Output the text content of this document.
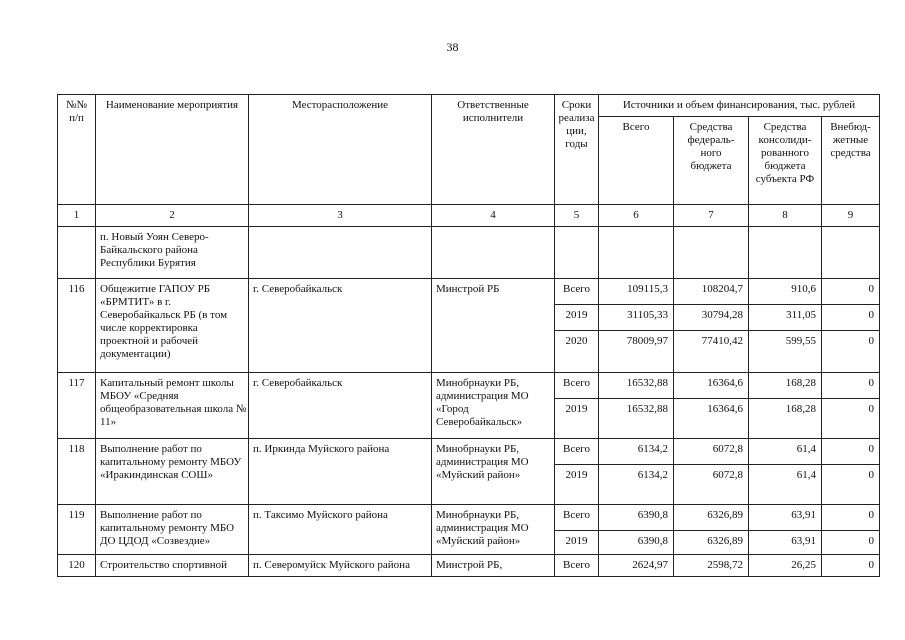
38
№№ п/п	Наименование мероприятия	Месторасположение	Ответственные исполнители	Сроки реализа ции, годы	Источники и объем финансирования, тыс. рублей			
					Всего	Средства федераль- ного бюджета	Средства консолиди- рованного бюджета субъекта РФ	Внебюд- жетные средства
1	2	3	4	5	6	7	8	9
	п. Новый Уоян Северо-Байкальского района Республики Бурятия							
116	Общежитие ГАПОУ РБ «БРМТИТ» в г. Северобайкальск РБ (в том числе корректировка проектной и рабочей документации)	г. Северобайкальск	Минстрой РБ	Всего	109115,3	108204,7	910,6	0
				2019	31105,33	30794,28	311,05	0
				2020	78009,97	77410,42	599,55	0
117	Капитальный ремонт школы МБОУ «Средняя общеобразовательная школа № 11»	г. Северобайкальск	Минобрнауки РБ, администрация МО «Город Северобайкальск»	Всего	16532,88	16364,6	168,28	0
				2019	16532,88	16364,6	168,28	0
118	Выполнение работ по капитальному ремонту МБОУ «Иракиндинская СОШ»	п. Иркинда Муйского района	Минобрнауки РБ, администрация МО «Муйский район»	Всего	6134,2	6072,8	61,4	0
				2019	6134,2	6072,8	61,4	0
119	Выполнение работ по капитальному ремонту МБО ДО ЦДОД «Созвездие»	п. Таксимо Муйского района	Минобрнауки РБ, администрация МО «Муйский район»	Всего	6390,8	6326,89	63,91	0
				2019	6390,8	6326,89	63,91	0
120	Строительство спортивной	п. Северомуйск Муйского района	Минстрой РБ,	Всего	2624,97	2598,72	26,25	0
